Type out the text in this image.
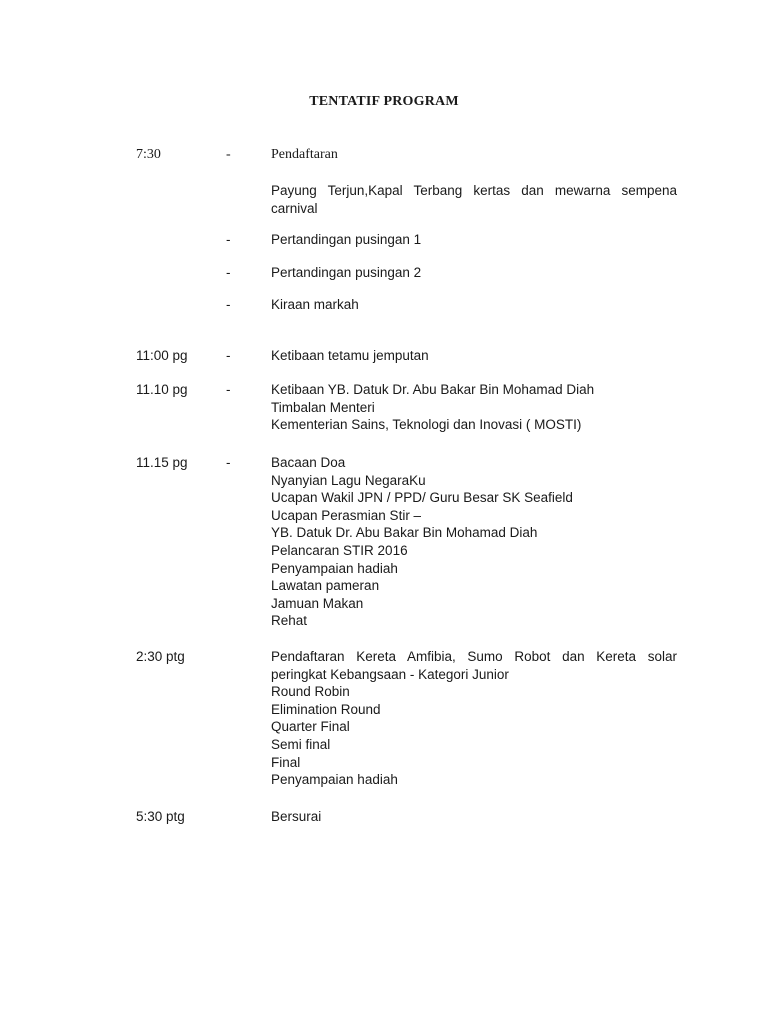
TENTATIF PROGRAM
7:30	-	Pendaftaran
Payung Terjun,Kapal Terbang kertas dan mewarna sempena
carnival
-	Pertandingan pusingan 1
-	Pertandingan pusingan 2
-	Kiraan markah
11:00 pg	-	Ketibaan tetamu jemputan
11.10 pg	-	Ketibaan YB. Datuk Dr. Abu Bakar Bin Mohamad Diah
Timbalan Menteri
Kementerian Sains, Teknologi dan Inovasi ( MOSTI)
11.15 pg	-	Bacaan Doa
Nyanyian Lagu NegaraKu
Ucapan Wakil JPN / PPD/ Guru Besar SK Seafield
Ucapan Perasmian Stir –
YB. Datuk Dr. Abu Bakar Bin Mohamad Diah
Pelancaran STIR 2016
Penyampaian hadiah
Lawatan pameran
Jamuan Makan
Rehat
2:30 ptg	Pendaftaran Kereta Amfibia, Sumo Robot dan Kereta solar
peringkat Kebangsaan - Kategori Junior
Round Robin
Elimination Round
Quarter Final
Semi final
Final
Penyampaian hadiah
5:30 ptg	Bersurai
